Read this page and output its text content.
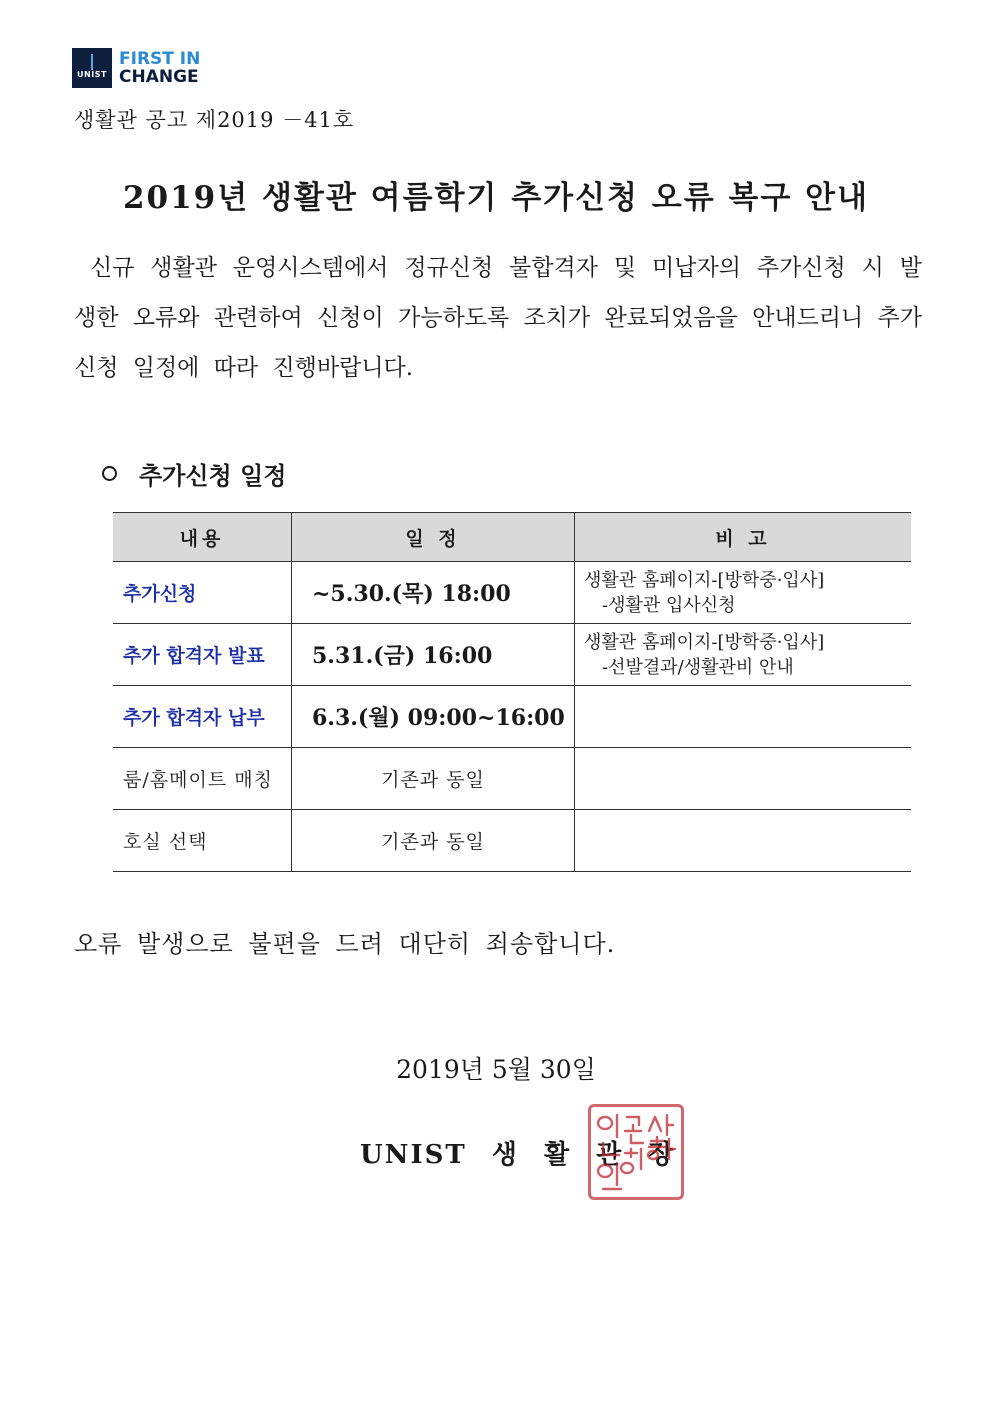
UNIST
FIRST IN
CHANGE
생활관 공고 제2019 －41호
2019년 생활관 여름학기 추가신청 오류 복구 안내
신규 생활관 운영시스템에서 정규신청 불합격자 및 미납자의 추가신청 시 발생한 오류와 관련하여 신청이 가능하도록 조치가 완료되었음을 안내드리니 추가신청 일정에 따라 진행바랍니다.
추가신청 일정
내용	일 정	비 고
추가신청	~5.30.(목) 18:00	생활관 홈페이지-[방학중·입사]
-생활관 입사신청

추가 합격자 발표	5.31.(금) 16:00	생활관 홈페이지-[방학중·입사]
-선발결과/생활관비 안내

추가 합격자 납부	6.3.(월) 09:00~16:00	
룸/홈메이트 매칭	기존과 동일	
호실 선택	기존과 동일	
오류 발생으로 불편을 드려 대단히 죄송합니다.
2019년 5월 30일
UNIST 생 활 관 장
